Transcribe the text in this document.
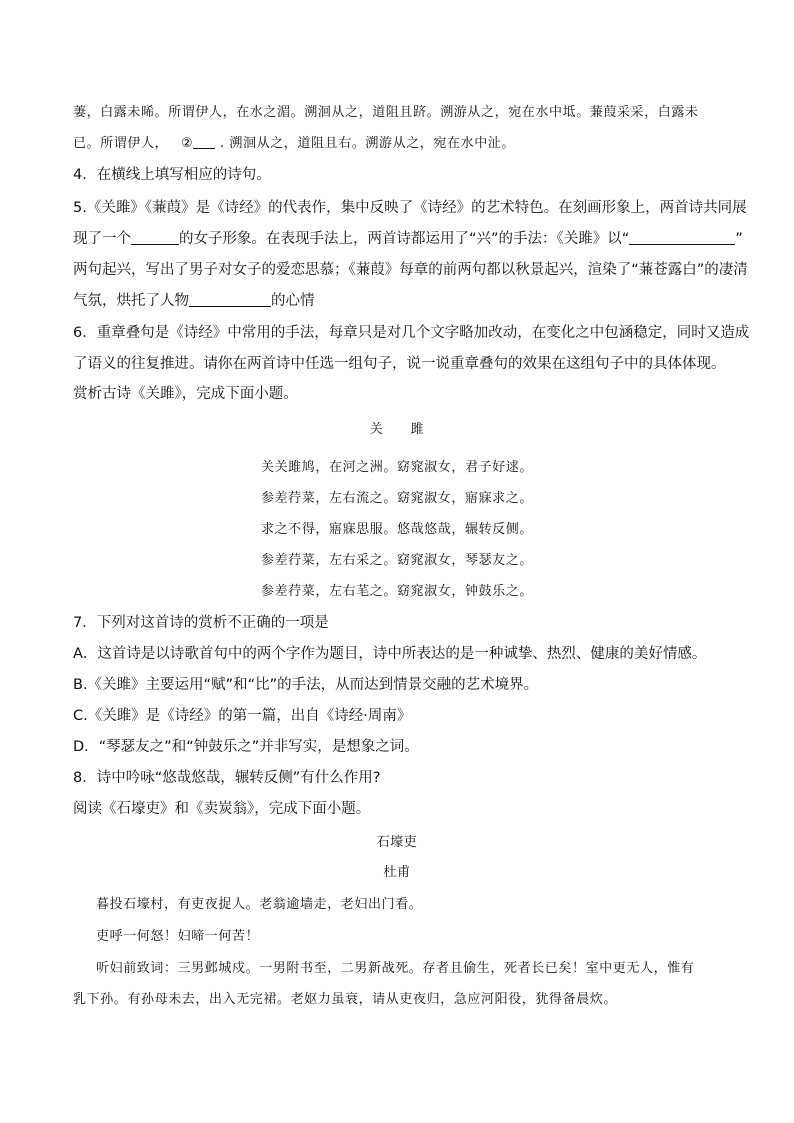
萋，白露未晞。所谓伊人，在水之湄。溯洄从之，道阻且跻。溯游从之，宛在水中坻。蒹葭采采，白露未
已。所谓伊人， ② . 溯洄从之，道阻且右。溯游从之，宛在水中沚。
4．在横线上填写相应的诗句。
5.《关雎》《蒹葭》是《诗经》的代表作，集中反映了《诗经》的艺术特色。在刻画形象上，两首诗共同展
现了一个	的女子形象。在表现手法上，两首诗都运用了“兴”的手法：《关雎》以“	”
两句起兴，写出了男子对女子的爱恋思慕；《蒹葭》每章的前两句都以秋景起兴，渲染了“蒹苍露白”的凄清
气氛，烘托了人物	的心情
6．重章叠句是《诗经》中常用的手法，每章只是对几个文字略加改动，在变化之中包涵稳定，同时又造成
了语义的往复推进。请你在两首诗中任选一组句子，说一说重章叠句的效果在这组句子中的具体体现。
赏析古诗《关雎》，完成下面小题。
关　　雎
关关雎鸠，在河之洲。窈窕淑女，君子好逑。
参差荇菜，左右流之。窈窕淑女，寤寐求之。
求之不得，寤寐思服。悠哉悠哉，辗转反侧。
参差荇菜，左右采之。窈窕淑女，琴瑟友之。
参差荇菜，左右芼之。窈窕淑女，钟鼓乐之。
7．下列对这首诗的赏析不正确的一项是
A．这首诗是以诗歌首句中的两个字作为题目，诗中所表达的是一种诚挚、热烈、健康的美好情感。
B.《关雎》主要运用“赋”和“比”的手法，从而达到情景交融的艺术境界。
C.《关雎》是《诗经》的第一篇，出自《诗经·周南》
D．“琴瑟友之”和“钟鼓乐之”并非写实，是想象之词。
8．诗中吟咏“悠哉悠哉，辗转反侧”有什么作用?
阅读《石壕吏》和《卖炭翁》，完成下面小题。
石壕吏
杜甫
暮投石壕村，有吏夜捉人。老翁逾墙走，老妇出门看。
吏呼一何怒！妇啼一何苦！
听妇前致词：三男邺城戍。一男附书至，二男新战死。存者且偷生，死者长已矣！室中更无人，惟有
乳下孙。有孙母未去，出入无完裙。老妪力虽衰，请从吏夜归，急应河阳役，犹得备晨炊。
